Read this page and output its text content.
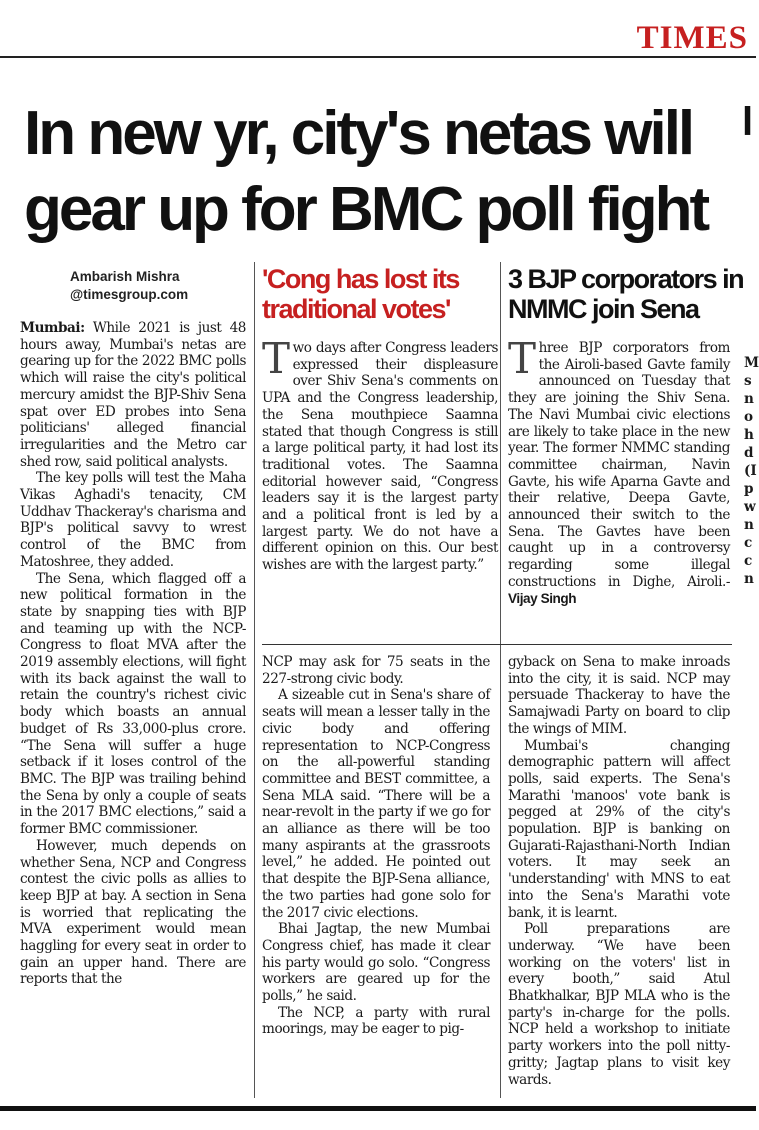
TIMES
l
In new yr, city's netas will
gear up for BMC poll fight
Ambarish Mishra
@timesgroup.com

Mumbai: While 2021 is just 48 hours away, Mumbai's netas are gearing up for the 2022 BMC polls which will raise the city's political mercury amidst the BJP-Shiv Sena spat over ED probes into Sena politicians' alleged financial irregularities and the Metro car shed row, said political analysts.

The key polls will test the Maha Vikas Aghadi's tenacity, CM Uddhav Thackeray's charisma and BJP's political savvy to wrest control of the BMC from Matoshree, they added.

The Sena, which flagged off a new political formation in the state by snapping ties with BJP and teaming up with the NCP-Congress to float MVA after the 2019 assembly elections, will fight with its back against the wall to retain the country's richest civic body which boasts an annual budget of Rs 33,000-plus crore. “The Sena will suffer a huge setback if it loses control of the BMC. The BJP was trailing behind the Sena by only a couple of seats in the 2017 BMC elections,” said a former BMC commissioner.

However, much depends on whether Sena, NCP and Congress contest the civic polls as allies to keep BJP at bay. A section in Sena is worried that replicating the MVA experiment would mean haggling for every seat in order to gain an upper hand. There are reports that the

'Cong has lost its traditional votes'

Two days after Congress leaders expressed their displeasure over Shiv Sena's comments on UPA and the Congress leadership, the Sena mouthpiece Saamna stated that though Congress is still a large political party, it had lost its traditional votes. The Saamna editorial however said, “Congress leaders say it is the largest party and a political front is led by a largest party. We do not have a different opinion on this. Our best wishes are with the largest party.”

3 BJP corporators in NMMC join Sena

Three BJP corporators from the Airoli-based Gavte family announced on Tuesday that they are joining the Shiv Sena. The Navi Mumbai civic elections are likely to take place in the new year. The former NMMC standing committee chairman, Navin Gavte, his wife Aparna Gavte and their relative, Deepa Gavte, announced their switch to the Sena. The Gavtes have been caught up in a controversy regarding some illegal constructions in Dighe, Airoli.- Vijay Singh

NCP may ask for 75 seats in the 227-strong civic body.

A sizeable cut in Sena's share of seats will mean a lesser tally in the civic body and offering representation to NCP-Congress on the all-powerful standing committee and BEST committee, a Sena MLA said. “There will be a near-revolt in the party if we go for an alliance as there will be too many aspirants at the grassroots level,” he added. He pointed out that despite the BJP-Sena alliance, the two parties had gone solo for the 2017 civic elections.

Bhai Jagtap, the new Mumbai Congress chief, has made it clear his party would go solo. “Congress workers are geared up for the polls,” he said.

The NCP, a party with rural moorings, may be eager to pig-

gyback on Sena to make inroads into the city, it is said. NCP may persuade Thackeray to have the Samajwadi Party on board to clip the wings of MIM.

Mumbai's changing demographic pattern will affect polls, said experts. The Sena's Marathi 'manoos' vote bank is pegged at 29% of the city's population. BJP is banking on Gujarati-Rajasthani-North Indian voters. It may seek an 'understanding' with MNS to eat into the Sena's Marathi vote bank, it is learnt.

Poll preparations are underway. “We have been working on the voters' list in every booth,” said Atul Bhatkhalkar, BJP MLA who is the party's in-charge for the polls. NCP held a workshop to initiate party workers into the poll nitty-gritty; Jagtap plans to visit key wards.

M s n o h d (I p w n c c n
